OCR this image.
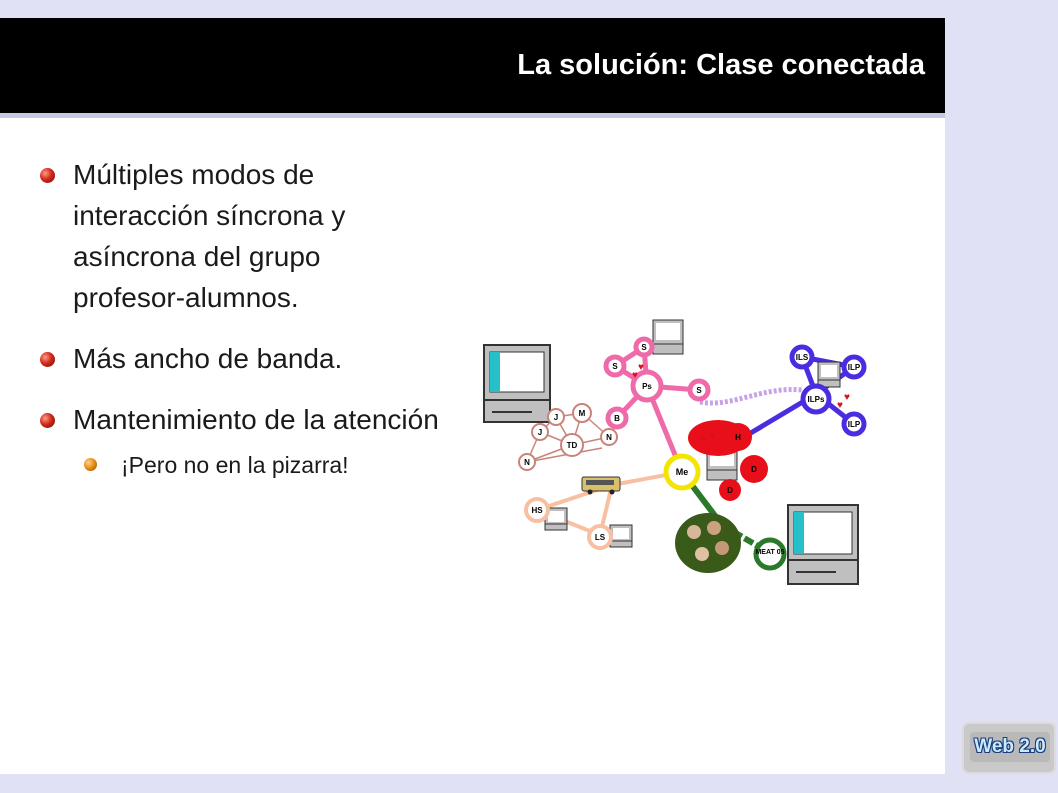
La solución: Clase conectada
Múltiples modos de interacción síncrona y asíncrona del grupo profesor-alumnos.
Más ancho de banda.
Mantenimiento de la atención
¡Pero no en la pizarra!
J	M
J
TD
N
N
S
S
Ps	S
B
ILS
ILP
ILPs
ILP
H
D
D
Me
HS
LS
MEAT 05
♥
♥
♥ ♥
♥
♥
Web 2.0
